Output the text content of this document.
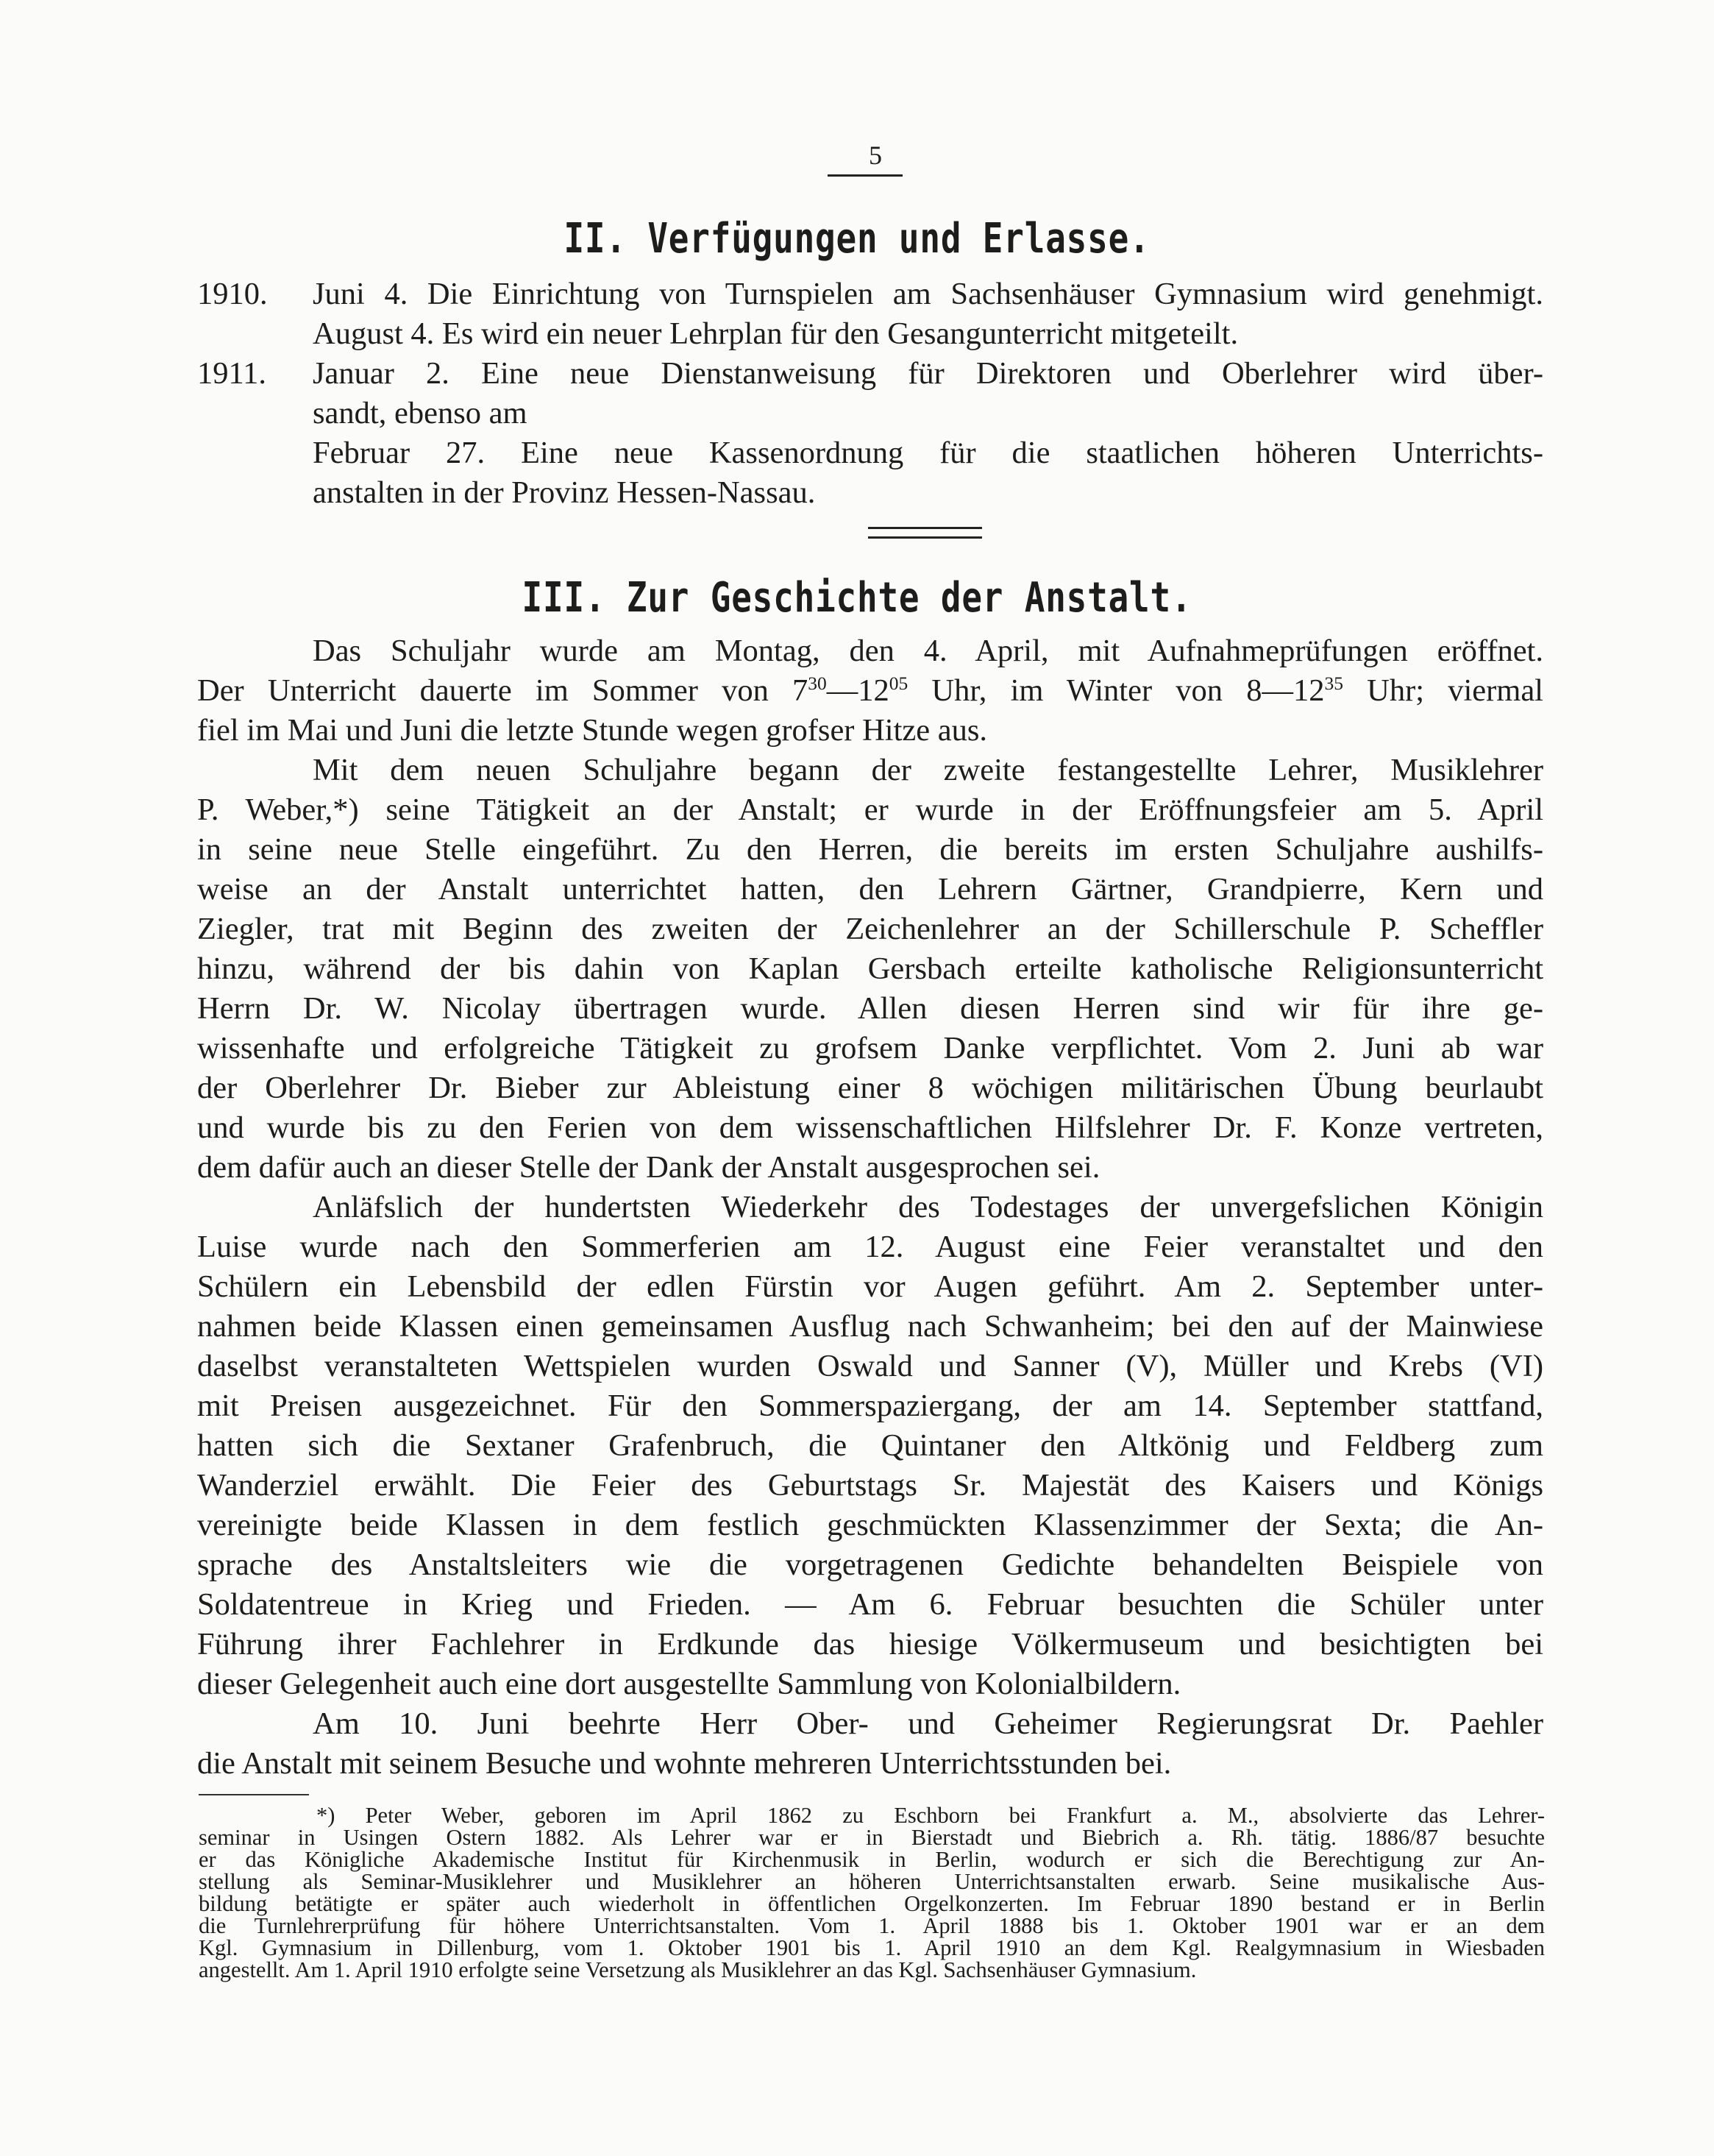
5
II. Verfügungen und Erlasse.
1910. Juni 4. Die Einrichtung von Turnspielen am Sachsenhäuser Gymnasium wird genehmigt.
August 4. Es wird ein neuer Lehrplan für den Gesangunterricht mitgeteilt.
1911. Januar 2. Eine neue Dienstanweisung für Direktoren und Oberlehrer wird über-
sandt, ebenso am
Februar 27. Eine neue Kassenordnung für die staatlichen höheren Unterrichts-
anstalten in der Provinz Hessen-Nassau.
III. Zur Geschichte der Anstalt.
Das Schuljahr wurde am Montag, den 4. April, mit Aufnahmeprüfungen eröffnet.
Der Unterricht dauerte im Sommer von $7^{30}—12^{05}$ Uhr, im Winter von $8—12^{35}$ Uhr; viermal
fiel im Mai und Juni die letzte Stunde wegen grofser Hitze aus.
Mit dem neuen Schuljahre begann der zweite festangestellte Lehrer, Musiklehrer
P. Weber,*) seine Tätigkeit an der Anstalt; er wurde in der Eröffnungsfeier am 5. April
in seine neue Stelle eingeführt. Zu den Herren, die bereits im ersten Schuljahre aushilfs-
weise an der Anstalt unterrichtet hatten, den Lehrern Gärtner, Grandpierre, Kern und
Ziegler, trat mit Beginn des zweiten der Zeichenlehrer an der Schillerschule P. Scheffler
hinzu, während der bis dahin von Kaplan Gersbach erteilte katholische Religionsunterricht
Herrn Dr. W. Nicolay übertragen wurde. Allen diesen Herren sind wir für ihre ge-
wissenhafte und erfolgreiche Tätigkeit zu grofsem Danke verpflichtet. Vom 2. Juni ab war
der Oberlehrer Dr. Bieber zur Ableistung einer 8 wöchigen militärischen Übung beurlaubt
und wurde bis zu den Ferien von dem wissenschaftlichen Hilfslehrer Dr. F. Konze vertreten,
dem dafür auch an dieser Stelle der Dank der Anstalt ausgesprochen sei.
Anläfslich der hundertsten Wiederkehr des Todestages der unvergefslichen Königin
Luise wurde nach den Sommerferien am 12. August eine Feier veranstaltet und den
Schülern ein Lebensbild der edlen Fürstin vor Augen geführt. Am 2. September unter-
nahmen beide Klassen einen gemeinsamen Ausflug nach Schwanheim; bei den auf der Mainwiese
daselbst veranstalteten Wettspielen wurden Oswald und Sanner (V), Müller und Krebs (VI)
mit Preisen ausgezeichnet. Für den Sommerspaziergang, der am 14. September stattfand,
hatten sich die Sextaner Grafenbruch, die Quintaner den Altkönig und Feldberg zum
Wanderziel erwählt. Die Feier des Geburtstags Sr. Majestät des Kaisers und Königs
vereinigte beide Klassen in dem festlich geschmückten Klassenzimmer der Sexta; die An-
sprache des Anstaltsleiters wie die vorgetragenen Gedichte behandelten Beispiele von
Soldatentreue in Krieg und Frieden. — Am 6. Februar besuchten die Schüler unter
Führung ihrer Fachlehrer in Erdkunde das hiesige Völkermuseum und besichtigten bei
dieser Gelegenheit auch eine dort ausgestellte Sammlung von Kolonialbildern.
Am 10. Juni beehrte Herr Ober- und Geheimer Regierungsrat Dr. Paehler
die Anstalt mit seinem Besuche und wohnte mehreren Unterrichtsstunden bei.
*) Peter Weber, geboren im April 1862 zu Eschborn bei Frankfurt a. M., absolvierte das Lehrer-
seminar in Usingen Ostern 1882. Als Lehrer war er in Bierstadt und Biebrich a. Rh. tätig. 1886/87 besuchte
er das Königliche Akademische Institut für Kirchenmusik in Berlin, wodurch er sich die Berechtigung zur An-
stellung als Seminar-Musiklehrer und Musiklehrer an höheren Unterrichtsanstalten erwarb. Seine musikalische Aus-
bildung betätigte er später auch wiederholt in öffentlichen Orgelkonzerten. Im Februar 1890 bestand er in Berlin
die Turnlehrerprüfung für höhere Unterrichtsanstalten. Vom 1. April 1888 bis 1. Oktober 1901 war er an dem
Kgl. Gymnasium in Dillenburg, vom 1. Oktober 1901 bis 1. April 1910 an dem Kgl. Realgymnasium in Wiesbaden
angestellt. Am 1. April 1910 erfolgte seine Versetzung als Musiklehrer an das Kgl. Sachsenhäuser Gymnasium.
